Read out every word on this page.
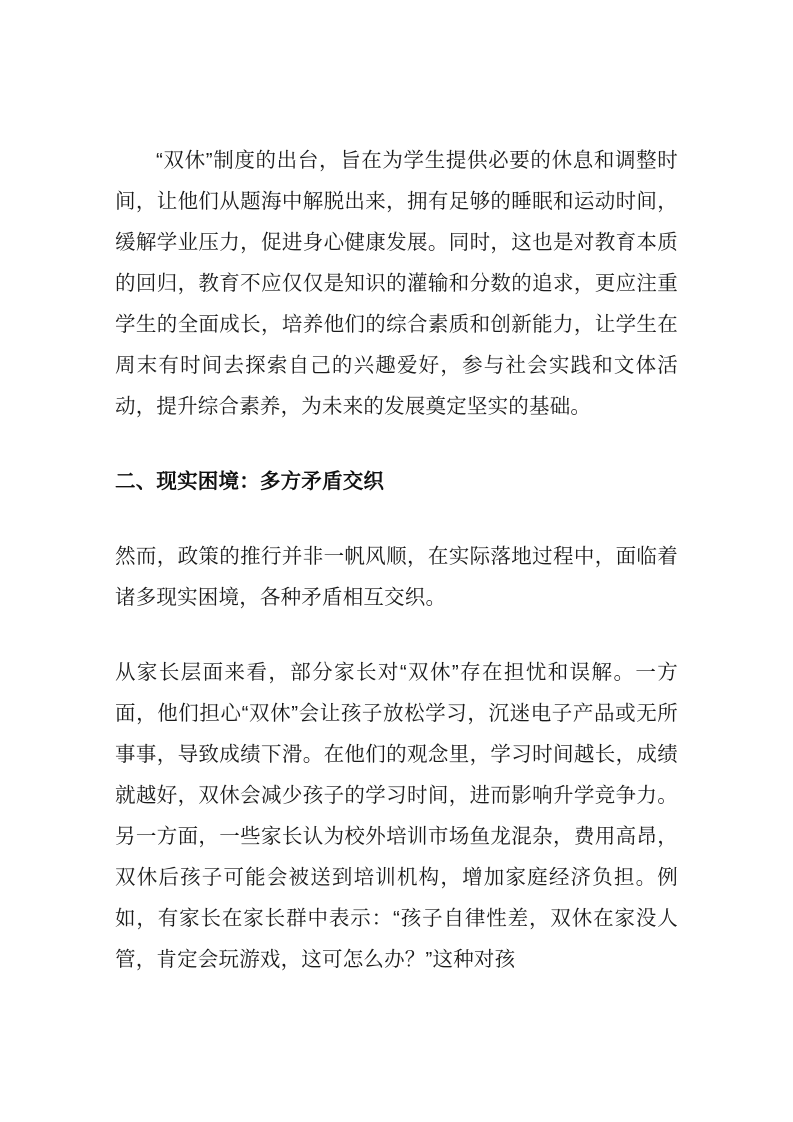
“双休”制度的出台，旨在为学生提供必要的休息和调整时间，让他们从题海中解脱出来，拥有足够的睡眠和运动时间，缓解学业压力，促进身心健康发展。同时，这也是对教育本质的回归，教育不应仅仅是知识的灌输和分数的追求，更应注重学生的全面成长，培养他们的综合素质和创新能力，让学生在周末有时间去探索自己的兴趣爱好，参与社会实践和文体活动，提升综合素养，为未来的发展奠定坚实的基础。

二、现实困境：多方矛盾交织

然而，政策的推行并非一帆风顺，在实际落地过程中，面临着诸多现实困境，各种矛盾相互交织。

从家长层面来看，部分家长对“双休”存在担忧和误解。一方面，他们担心“双休”会让孩子放松学习，沉迷电子产品或无所事事，导致成绩下滑。在他们的观念里，学习时间越长，成绩就越好，双休会减少孩子的学习时间，进而影响升学竞争力。另一方面，一些家长认为校外培训市场鱼龙混杂，费用高昂，双休后孩子可能会被送到培训机构，增加家庭经济负担。例如，有家长在家长群中表示：“孩子自律性差，双休在家没人管，肯定会玩游戏，这可怎么办？”这种对孩
